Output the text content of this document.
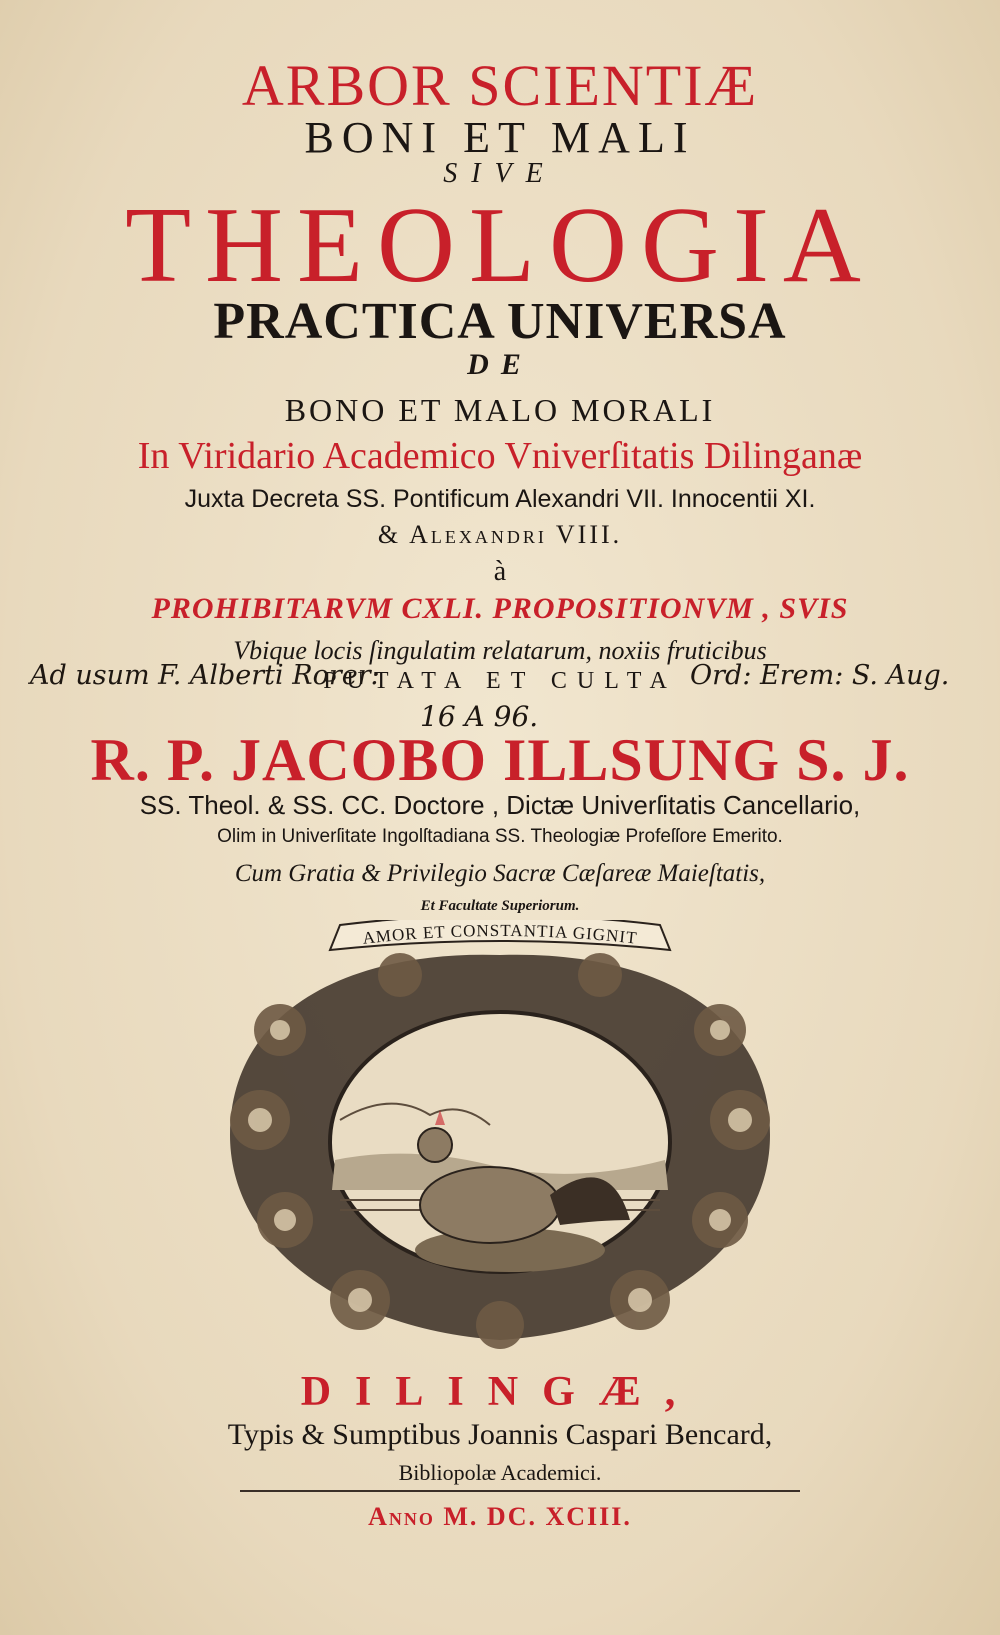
ARBOR SCIENTIÆ
BONI ET MALI
SIVE
THEOLOGIA
PRACTICA UNIVERSA
DE
BONO ET MALO MORALI
In Viridario Academico Vniverſitatis Dilinganæ
Juxta Decreta SS. Pontificum Alexandri VII. Innocentii XI.
& Alexandri VIII.
à
PROHIBITARVM CXLI. PROPOSITIONVM , SVIS
Vbique locis ſingulatim relatarum, noxiis fruticibus
PUTATA ET CULTA
Ad usum F. Alberti Rorer:	Ord: Erem: S. Aug.
16 A 96.
R. P. JACOBO ILLSUNG S. J.
SS. Theol. & SS. CC. Doctore , Dictæ Univerſitatis Cancellario,
Olim in Univerſitate Ingolſtadiana SS. Theologiæ Profeſſore Emerito.
Cum Gratia & Privilegio Sacræ Cæſareæ Maieſtatis,
Et Facultate Superiorum.
AMOR ET CONSTANTIA GIGNIT
DILINGÆ,
Typis & Sumptibus Joannis Caspari Bencard,
Bibliopolæ Academici.
Anno M. DC. XCIII.
